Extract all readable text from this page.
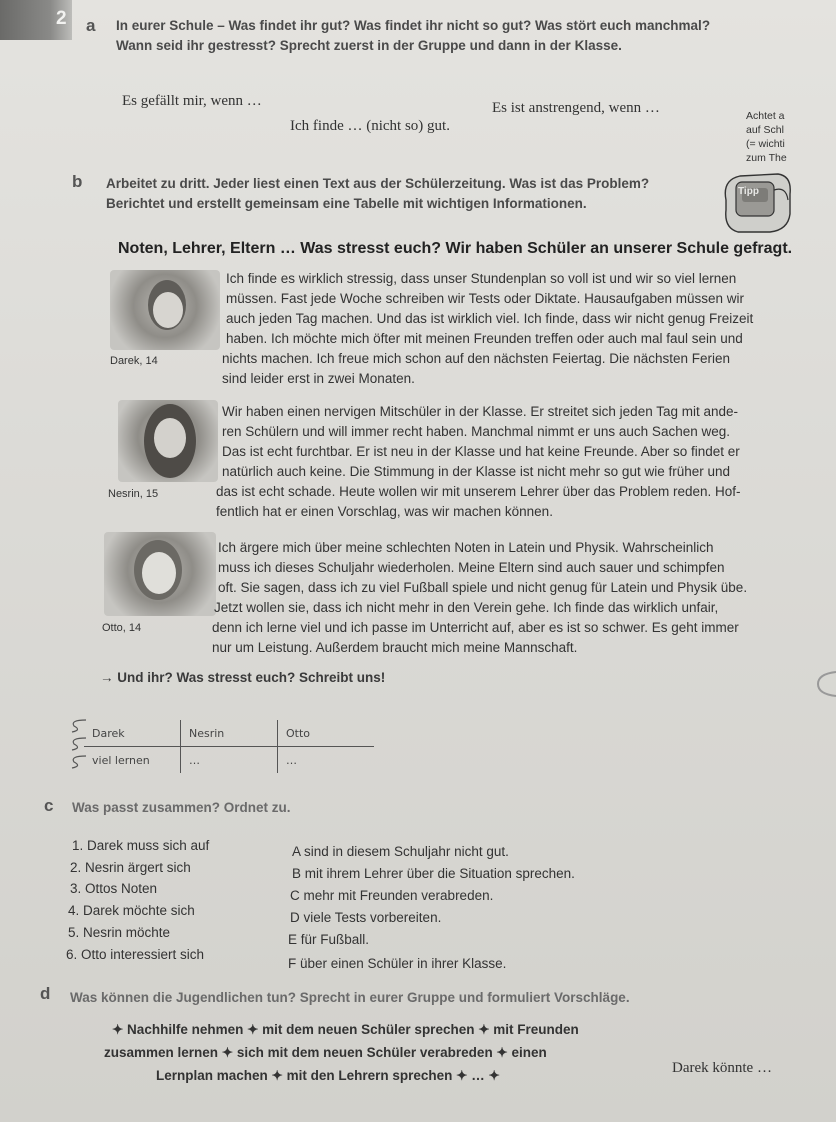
2 a In eurer Schule – Was findet ihr gut? Was findet ihr nicht so gut? Was stört euch manchmal?
Wann seid ihr gestresst? Sprecht zuerst in der Gruppe und dann in der Klasse.
Es gefällt mir, wenn …	Es ist anstrengend, wenn …
Ich finde … (nicht so) gut.
Achtet a
auf Schl
(= wichti
zum The
Tipp
b Arbeitet zu dritt. Jeder liest einen Text aus der Schülerzeitung. Was ist das Problem?
Berichtet und erstellt gemeinsam eine Tabelle mit wichtigen Informationen.
Noten, Lehrer, Eltern … Was stresst euch? Wir haben Schüler an unserer Schule gefragt.
Darek, 14
Ich finde es wirklich stressig, dass unser Stundenplan so voll ist und wir so viel lernen
müssen. Fast jede Woche schreiben wir Tests oder Diktate. Hausaufgaben müssen wir
auch jeden Tag machen. Und das ist wirklich viel. Ich finde, dass wir nicht genug Freizeit
haben. Ich möchte mich öfter mit meinen Freunden treffen oder auch mal faul sein und
nichts machen. Ich freue mich schon auf den nächsten Feiertag. Die nächsten Ferien
sind leider erst in zwei Monaten.
Nesrin, 15
Wir haben einen nervigen Mitschüler in der Klasse. Er streitet sich jeden Tag mit ande-
ren Schülern und will immer recht haben. Manchmal nimmt er uns auch Sachen weg.
Das ist echt furchtbar. Er ist neu in der Klasse und hat keine Freunde. Aber so findet er
natürlich auch keine. Die Stimmung in der Klasse ist nicht mehr so gut wie früher und
das ist echt schade. Heute wollen wir mit unserem Lehrer über das Problem reden. Hof-
fentlich hat er einen Vorschlag, was wir machen können.
Otto, 14
Ich ärgere mich über meine schlechten Noten in Latein und Physik. Wahrscheinlich
muss ich dieses Schuljahr wiederholen. Meine Eltern sind auch sauer und schimpfen
oft. Sie sagen, dass ich zu viel Fußball spiele und nicht genug für Latein und Physik übe.
Jetzt wollen sie, dass ich nicht mehr in den Verein gehe. Ich finde das wirklich unfair,
denn ich lerne viel und ich passe im Unterricht auf, aber es ist so schwer. Es geht immer
nur um Leistung. Außerdem braucht mich meine Mannschaft.
→ Und ihr? Was stresst euch? Schreibt uns!
Darek	Nesrin	Otto
viel lernen	…	…
c Was passt zusammen? Ordnet zu.
1. Darek muss sich auf
2. Nesrin ärgert sich
3. Ottos Noten
4. Darek möchte sich
5. Nesrin möchte
6. Otto interessiert sich
A sind in diesem Schuljahr nicht gut.
B mit ihrem Lehrer über die Situation sprechen.
C mehr mit Freunden verabreden.
D viele Tests vorbereiten.
E für Fußball.
F über einen Schüler in ihrer Klasse.
d Was können die Jugendlichen tun? Sprecht in eurer Gruppe und formuliert Vorschläge.
✦ Nachhilfe nehmen ✦ mit dem neuen Schüler sprechen ✦ mit Freunden
zusammen lernen ✦ sich mit dem neuen Schüler verabreden ✦ einen
Lernplan machen ✦ mit den Lehrern sprechen ✦ … ✦	Darek könnte …
